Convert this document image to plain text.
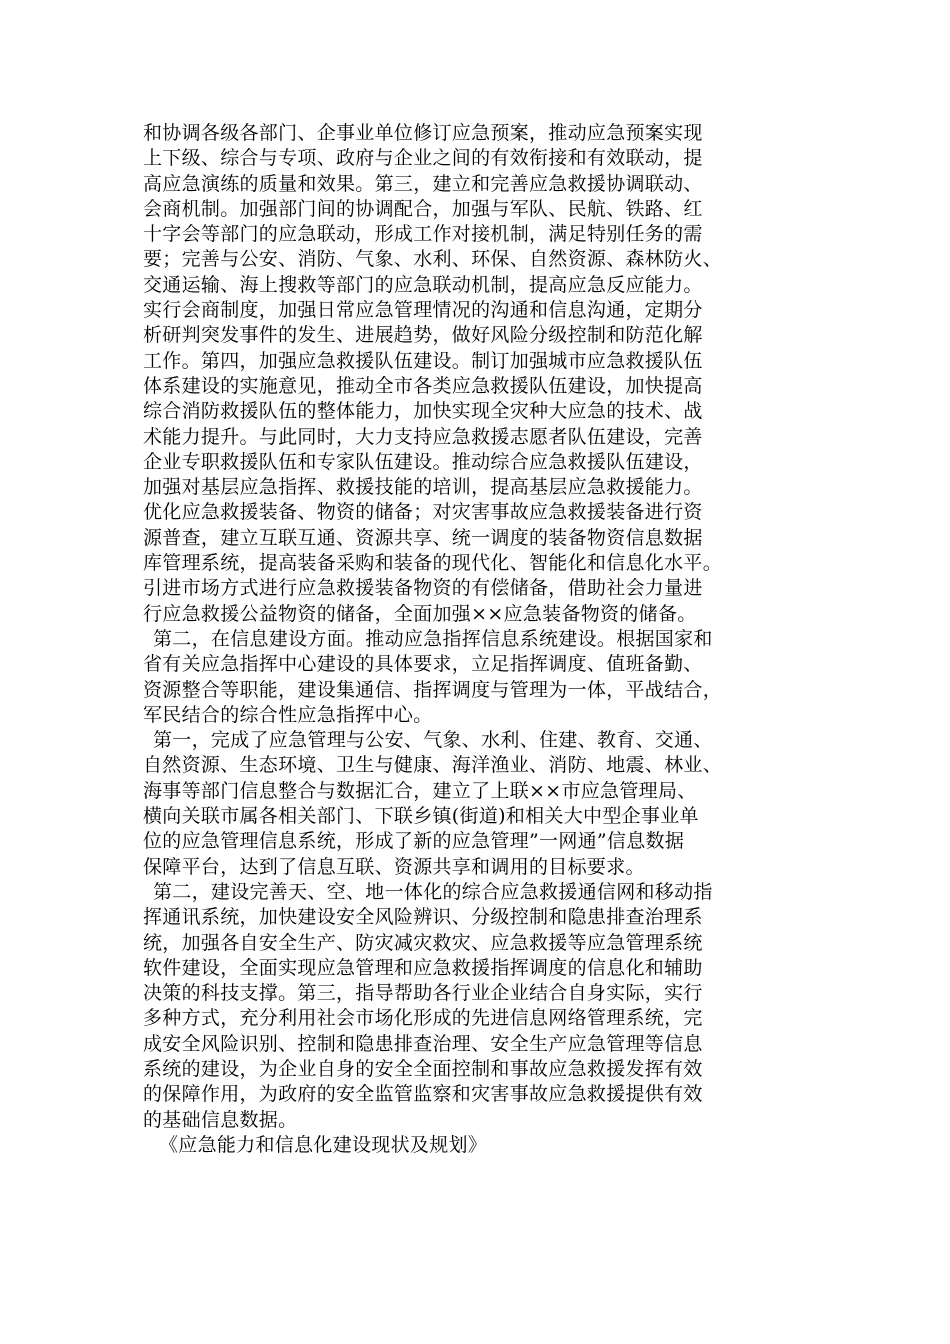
和协调各级各部门、企事业单位修订应急预案，推动应急预案实现
上下级、综合与专项、政府与企业之间的有效衔接和有效联动，提
高应急演练的质量和效果。第三，建立和完善应急救援协调联动、
会商机制。加强部门间的协调配合，加强与军队、民航、铁路、红
十字会等部门的应急联动，形成工作对接机制，满足特别任务的需
要；完善与公安、消防、气象、水利、环保、自然资源、森林防火、
交通运输、海上搜救等部门的应急联动机制，提高应急反应能力。
实行会商制度，加强日常应急管理情况的沟通和信息沟通，定期分
析研判突发事件的发生、进展趋势，做好风险分级控制和防范化解
工作。第四，加强应急救援队伍建设。制订加强城市应急救援队伍
体系建设的实施意见，推动全市各类应急救援队伍建设，加快提高
综合消防救援队伍的整体能力，加快实现全灾种大应急的技术、战
术能力提升。与此同时，大力支持应急救援志愿者队伍建设，完善
企业专职救援队伍和专家队伍建设。推动综合应急救援队伍建设，
加强对基层应急指挥、救援技能的培训，提高基层应急救援能力。
优化应急救援装备、物资的储备；对灾害事故应急救援装备进行资
源普查，建立互联互通、资源共享、统一调度的装备物资信息数据
库管理系统，提高装备采购和装备的现代化、智能化和信息化水平。
引进市场方式进行应急救援装备物资的有偿储备，借助社会力量进
行应急救援公益物资的储备，全面加强××应急装备物资的储备。
第二，在信息建设方面。推动应急指挥信息系统建设。根据国家和
省有关应急指挥中心建设的具体要求，立足指挥调度、值班备勤、
资源整合等职能，建设集通信、指挥调度与管理为一体，平战结合，
军民结合的综合性应急指挥中心。
第一，完成了应急管理与公安、气象、水利、住建、教育、交通、
自然资源、生态环境、卫生与健康、海洋渔业、消防、地震、林业、
海事等部门信息整合与数据汇合，建立了上联××市应急管理局、
横向关联市属各相关部门、下联乡镇(街道)和相关大中型企事业单
位的应急管理信息系统，形成了新的应急管理”一网通”信息数据
保障平台，达到了信息互联、资源共享和调用的目标要求。
第二，建设完善天、空、地一体化的综合应急救援通信网和移动指
挥通讯系统，加快建设安全风险辨识、分级控制和隐患排查治理系
统，加强各自安全生产、防灾减灾救灾、应急救援等应急管理系统
软件建设，全面实现应急管理和应急救援指挥调度的信息化和辅助
决策的科技支撑。第三，指导帮助各行业企业结合自身实际，实行
多种方式，充分利用社会市场化形成的先进信息网络管理系统，完
成安全风险识别、控制和隐患排查治理、安全生产应急管理等信息
系统的建设，为企业自身的安全全面控制和事故应急救援发挥有效
的保障作用，为政府的安全监管监察和灾害事故应急救援提供有效
的基础信息数据。
《应急能力和信息化建设现状及规划》
